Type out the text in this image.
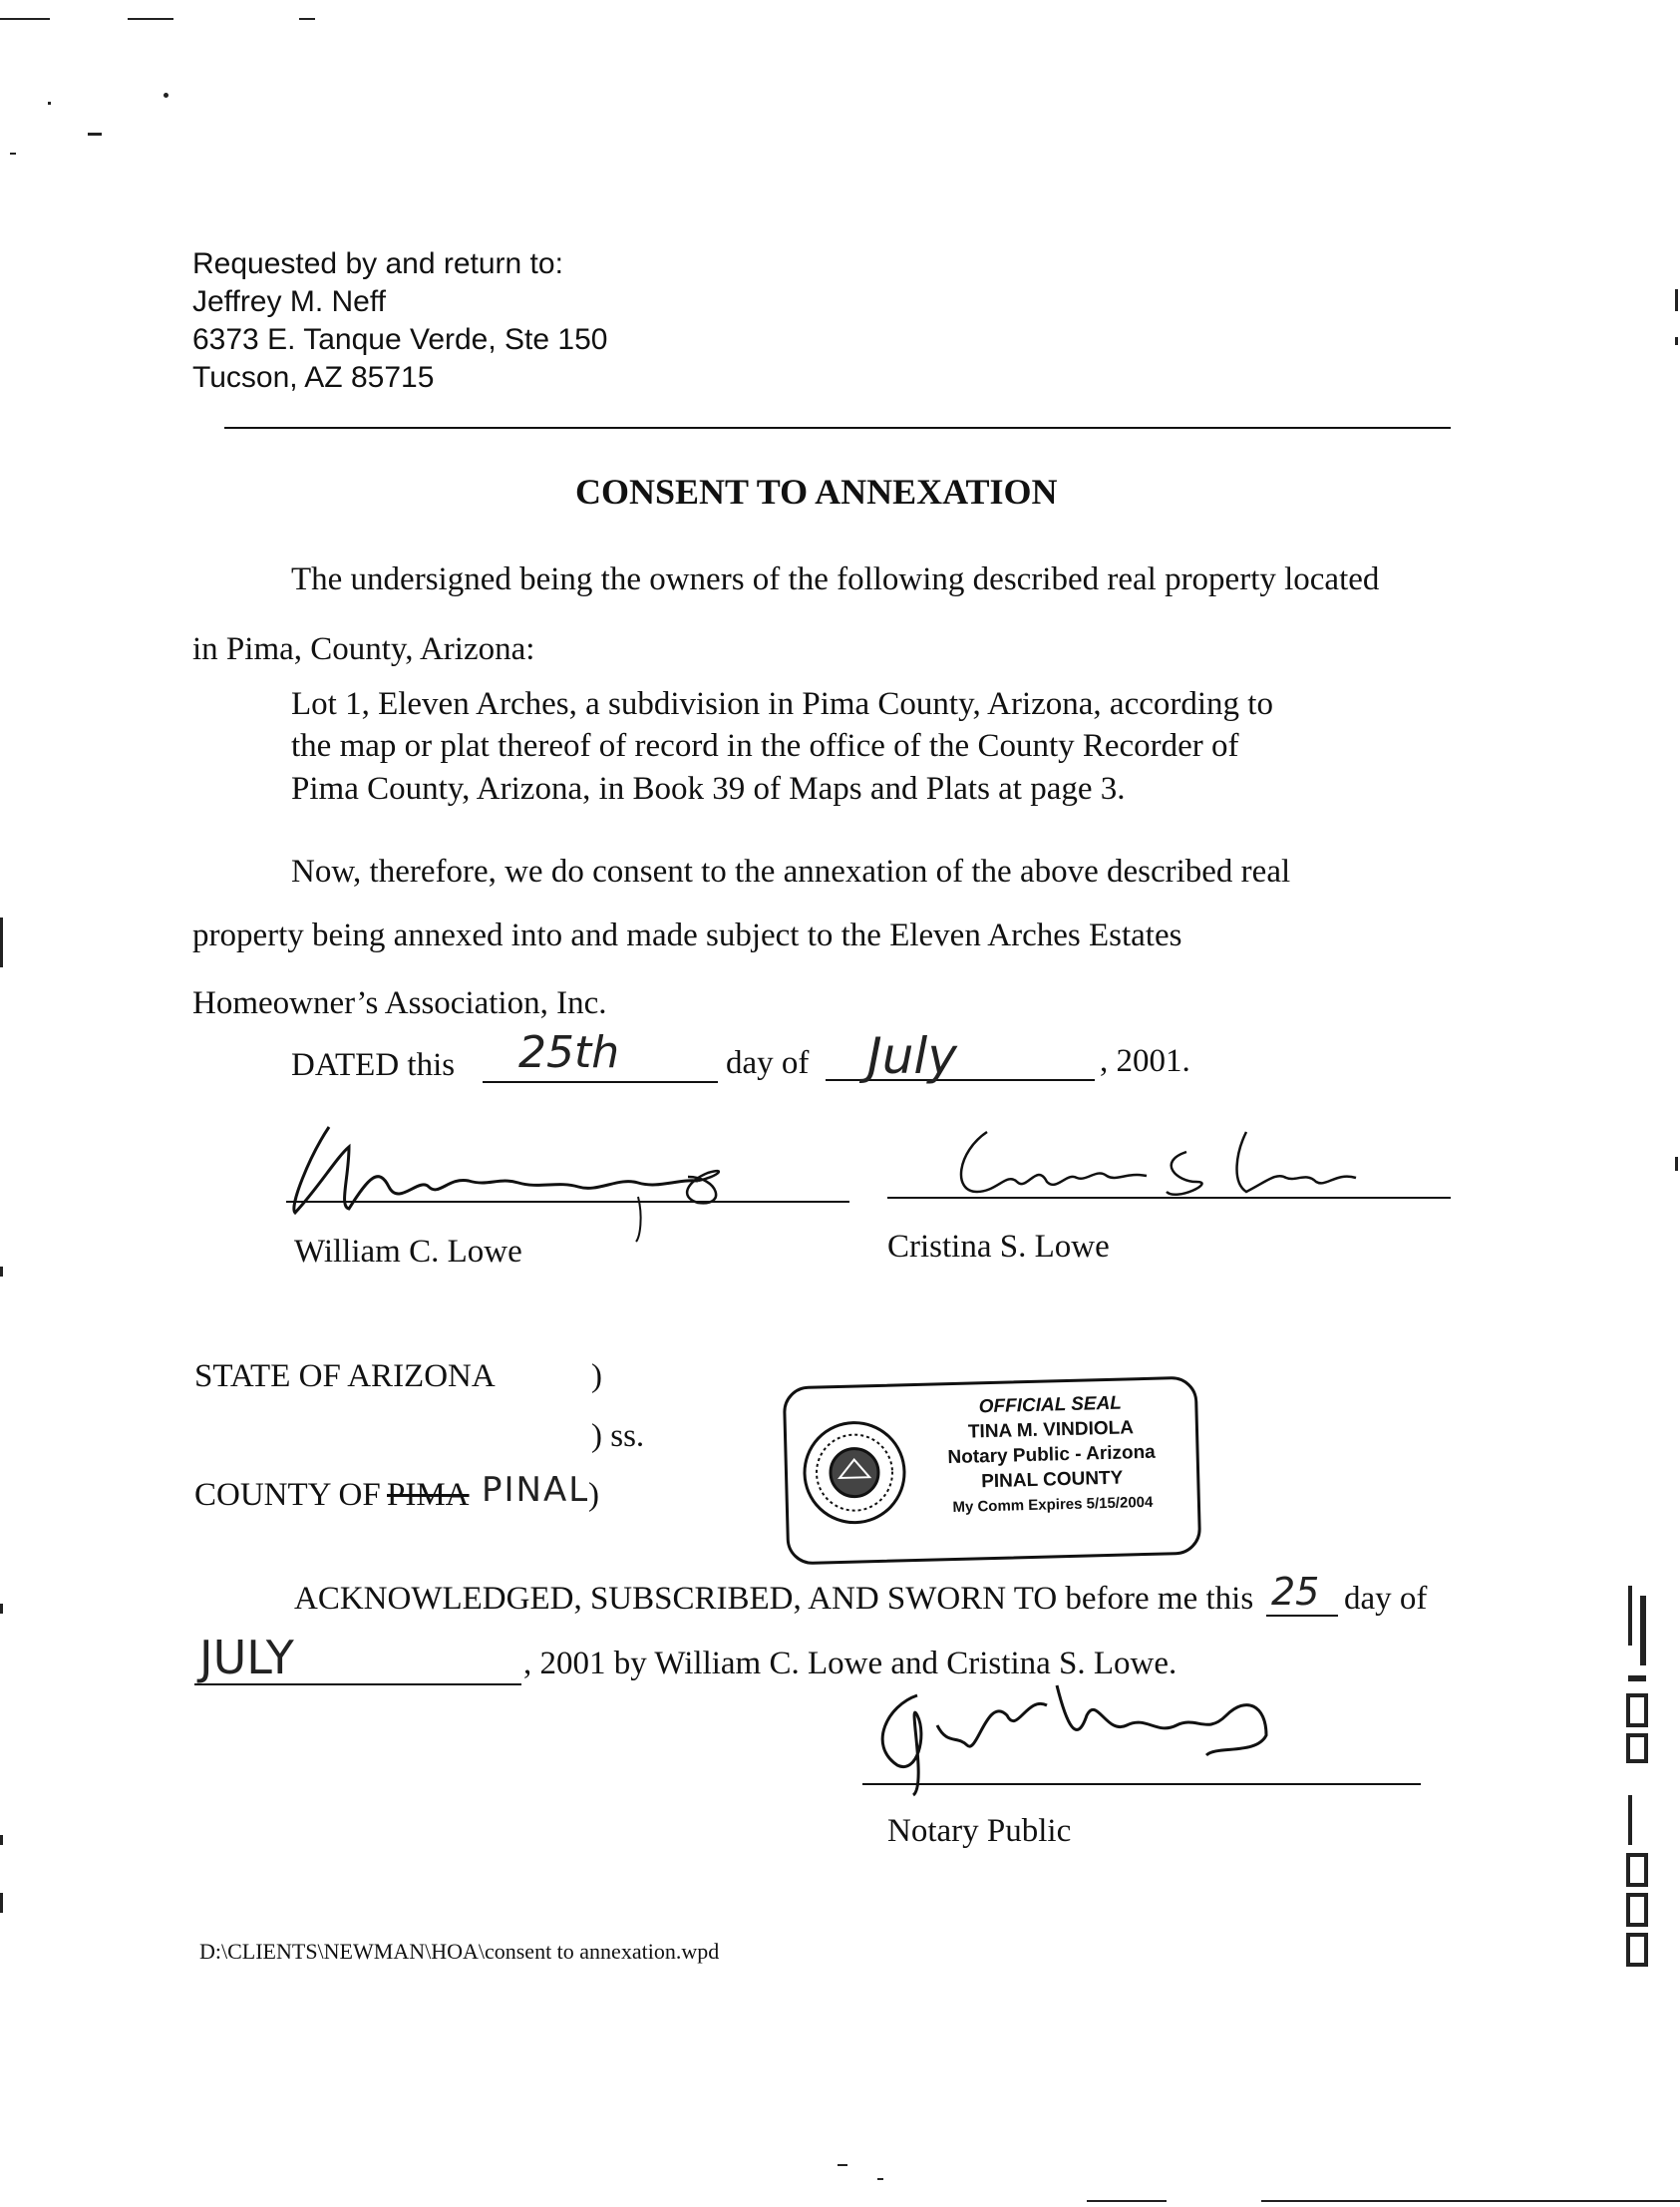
Requested by and return to:
Jeffrey M. Neff
6373 E. Tanque Verde, Ste 150
Tucson, AZ 85715
CONSENT TO ANNEXATION
The undersigned being the owners of the following described real property located
in Pima, County, Arizona:
Lot 1, Eleven Arches, a subdivision in Pima County, Arizona, according to
the map or plat thereof of record in the office of the County Recorder of
Pima County, Arizona, in Book 39 of Maps and Plats at page 3.
Now, therefore, we do consent to the annexation of the above described real
property being annexed into and made subject to the Eleven Arches Estates
Homeowner’s Association, Inc.
DATED this 25th	day of July	, 2001.
William C. Lowe	Cristina S. Lowe
STATE OF ARIZONA	)
) ss.
COUNTY OF PIMA PINAL
)
OFFICIAL SEAL
TINA M. VINDIOLA
Notary Public - Arizona
PINAL COUNTY
My Comm Expires 5/15/2004
ACKNOWLEDGED, SUBSCRIBED, AND SWORN TO before me this 25 day of
JULY	, 2001 by William C. Lowe and Cristina S. Lowe.
Notary Public
D:\CLIENTS\NEWMAN\HOA\consent to annexation.wpd
